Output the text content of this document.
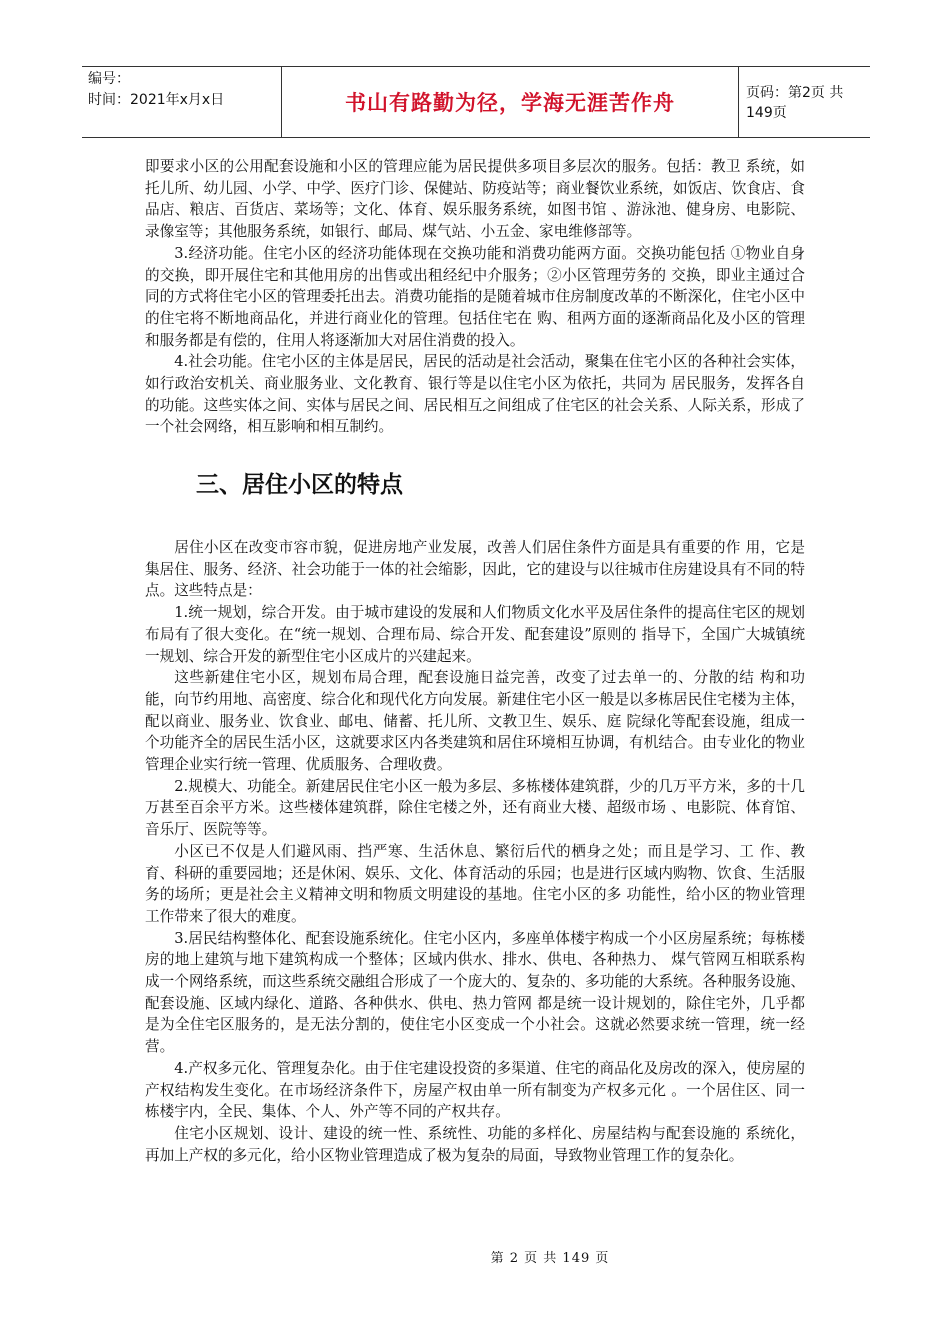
编号：
时间：2021年x月x日	书山有路勤为径，学海无涯苦作舟	页码：第2页 共149页

即要求小区的公用配套设施和小区的管理应能为居民提供多项目多层次的服务。包括：教卫 系统，如托儿所、幼儿园、小学、中学、医疗门诊、保健站、防疫站等；商业餐饮业系统，如饭店、饮食店、食品店、粮店、百货店、菜场等；文化、体育、娱乐服务系统，如图书馆 、游泳池、健身房、电影院、录像室等；其他服务系统，如银行、邮局、煤气站、小五金、家电维修部等。

3.经济功能。住宅小区的经济功能体现在交换功能和消费功能两方面。交换功能包括 ①物业自身的交换，即开展住宅和其他用房的出售或出租经纪中介服务；②小区管理劳务的 交换，即业主通过合同的方式将住宅小区的管理委托出去。消费功能指的是随着城市住房制度改革的不断深化，住宅小区中的住宅将不断地商品化，并进行商业化的管理。包括住宅在 购、租两方面的逐渐商品化及小区的管理和服务都是有偿的，住用人将逐渐加大对居住消费的投入。

4.社会功能。住宅小区的主体是居民，居民的活动是社会活动，聚集在住宅小区的各种社会实体，如行政治安机关、商业服务业、文化教育、银行等是以住宅小区为依托，共同为 居民服务，发挥各自的功能。这些实体之间、实体与居民之间、居民相互之间组成了住宅区的社会关系、人际关系，形成了一个社会网络，相互影响和相互制约。

三、居住小区的特点

居住小区在改变市容市貌，促进房地产业发展，改善人们居住条件方面是具有重要的作 用，它是集居住、服务、经济、社会功能于一体的社会缩影，因此，它的建设与以往城市住房建设具有不同的特点。这些特点是：

1.统一规划，综合开发。由于城市建设的发展和人们物质文化水平及居住条件的提高住宅区的规划布局有了很大变化。在“统一规划、合理布局、综合开发、配套建设”原则的 指导下，全国广大城镇统一规划、综合开发的新型住宅小区成片的兴建起来。

这些新建住宅小区，规划布局合理，配套设施日益完善，改变了过去单一的、分散的结 构和功能，向节约用地、高密度、综合化和现代化方向发展。新建住宅小区一般是以多栋居民住宅楼为主体，配以商业、服务业、饮食业、邮电、储蓄、托儿所、文教卫生、娱乐、庭 院绿化等配套设施，组成一个功能齐全的居民生活小区，这就要求区内各类建筑和居住环境相互协调，有机结合。由专业化的物业管理企业实行统一管理、优质服务、合理收费。

2.规模大、功能全。新建居民住宅小区一般为多层、多栋楼体建筑群，少的几万平方米，多的十几万甚至百余平方米。这些楼体建筑群，除住宅楼之外，还有商业大楼、超级市场 、电影院、体育馆、音乐厅、医院等等。

小区已不仅是人们避风雨、挡严寒、生活休息、繁衍后代的栖身之处；而且是学习、工 作、教育、科研的重要园地；还是休闲、娱乐、文化、体育活动的乐园；也是进行区域内购物、饮食、生活服务的场所；更是社会主义精神文明和物质文明建设的基地。住宅小区的多 功能性，给小区的物业管理工作带来了很大的难度。

3.居民结构整体化、配套设施系统化。住宅小区内，多座单体楼宇构成一个小区房屋系统；每栋楼房的地上建筑与地下建筑构成一个整体；区域内供水、排水、供电、各种热力、 煤气管网互相联系构成一个网络系统，而这些系统交融组合形成了一个庞大的、复杂的、多功能的大系统。各种服务设施、配套设施、区域内绿化、道路、各种供水、供电、热力管网 都是统一设计规划的，除住宅外，几乎都是为全住宅区服务的，是无法分割的，使住宅小区变成一个小社会。这就必然要求统一管理，统一经营。

4.产权多元化、管理复杂化。由于住宅建设投资的多渠道、住宅的商品化及房改的深入，使房屋的产权结构发生变化。在市场经济条件下，房屋产权由单一所有制变为产权多元化 。一个居住区、同一栋楼宇内，全民、集体、个人、外产等不同的产权共存。

住宅小区规划、设计、建设的统一性、系统性、功能的多样化、房屋结构与配套设施的 系统化，再加上产权的多元化，给小区物业管理造成了极为复杂的局面，导致物业管理工作的复杂化。

第 2 页 共 149 页
